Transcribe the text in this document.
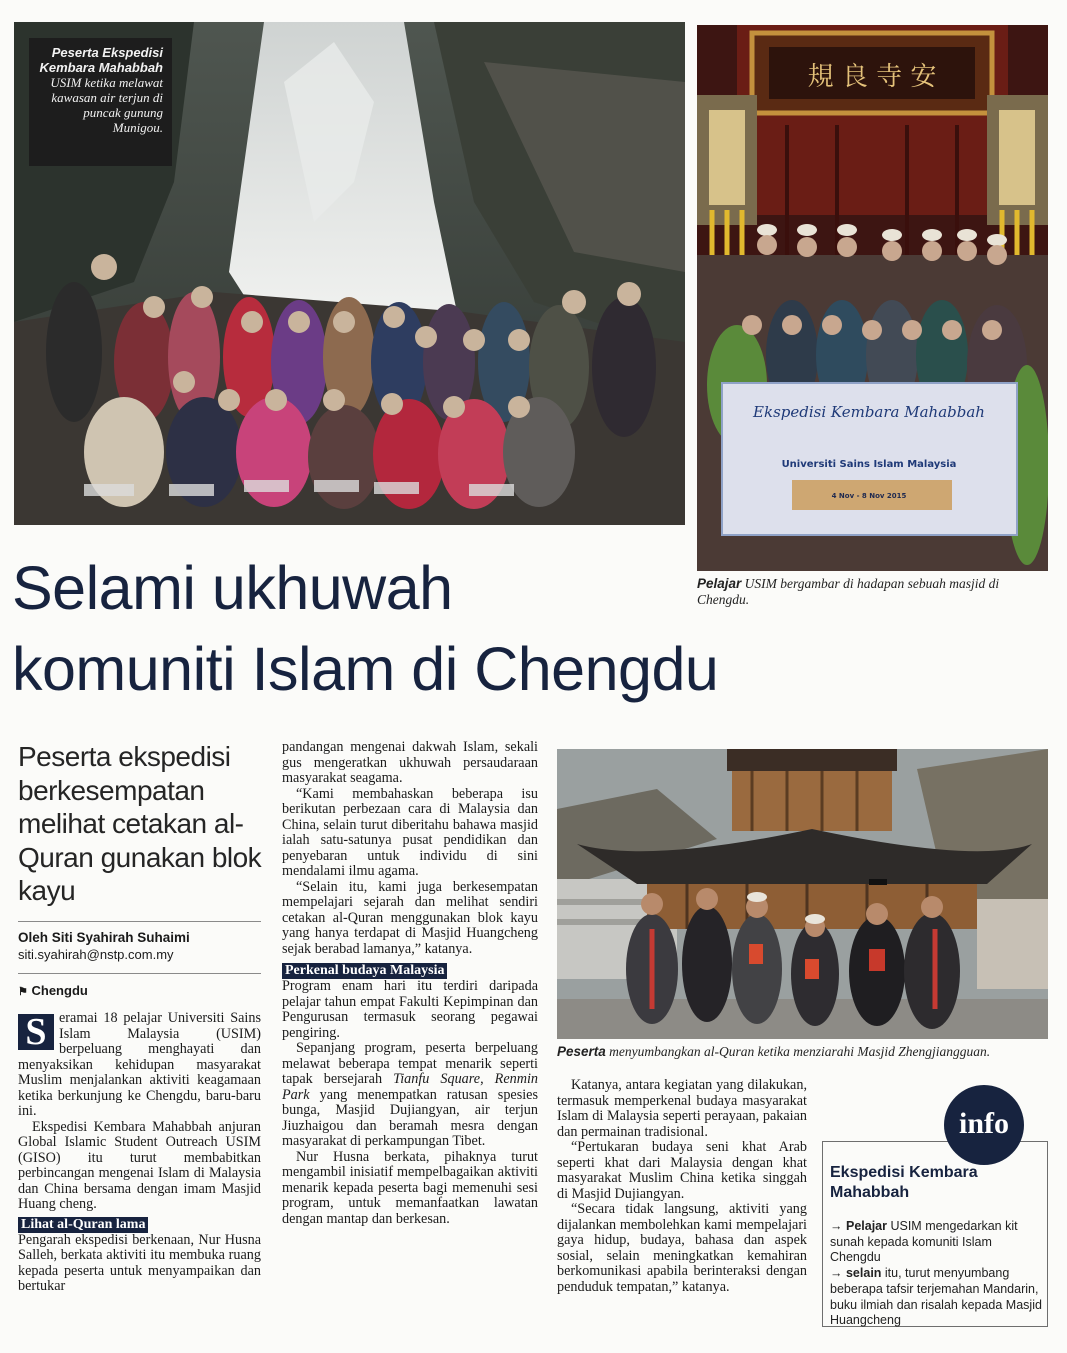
Peserta Ekspedisi Kembara Mahabbah USIM ketika melawat kawasan air terjun di puncak gunung Munigou.
規 良 寺 安
Ekspedisi Kembara Mahabbah
Universiti Sains Islam Malaysia
4 Nov - 8 Nov 2015
Pelajar USIM bergambar di hadapan sebuah masjid di Chengdu.
Selami ukhuwah
komuniti Islam di Chengdu
Peserta ekspedisi berkesempatan melihat cetakan al-Quran gunakan blok kayu
Oleh Siti Syahirah Suhaimi
siti.syahirah@nstp.com.my
⚑ Chengdu

S eramai 18 pelajar Universiti Sains Islam Malaysia (USIM) berpeluang menghayati dan menyaksikan kehidupan masyarakat Muslim menjalankan aktiviti keagamaan ketika berkunjung ke Chengdu, baru-baru ini.

Ekspedisi Kembara Mahabbah anjuran Global Islamic Student Outreach USIM (GISO) itu turut membabitkan perbincangan mengenai Islam di Malaysia dan China bersama dengan imam Masjid Huang cheng.

Lihat al-Quran lama

Pengarah ekspedisi berkenaan, Nur Husna Salleh, berkata aktiviti itu membuka ruang kepada peserta untuk menyampaikan dan bertukar

pandangan mengenai dakwah Islam, sekali gus mengeratkan ukhuwah persaudaraan masyarakat seagama.

“Kami membahaskan beberapa isu berikutan perbezaan cara di Malaysia dan China, selain turut diberitahu bahawa masjid ialah satu-satunya pusat pendidikan dan penyebaran untuk individu di sini mendalami ilmu agama.

“Selain itu, kami juga berkesempatan mempelajari sejarah dan melihat sendiri cetakan al-Quran menggunakan blok kayu yang hanya terdapat di Masjid Huangcheng sejak berabad lamanya,” katanya.

Perkenal budaya Malaysia

Program enam hari itu terdiri daripada pelajar tahun empat Fakulti Kepimpinan dan Pengurusan termasuk seorang pegawai pengiring.

Sepanjang program, peserta berpeluang melawat beberapa tempat menarik seperti tapak bersejarah Tianfu Square, Renmin Park yang menempatkan ratusan spesies bunga, Masjid Dujiangyan, air terjun Jiuzhaigou dan beramah mesra dengan masyarakat di perkampungan Tibet.

Nur Husna berkata, pihaknya turut mengambil inisiatif mempelbagaikan aktiviti menarik kepada peserta bagi memenuhi sesi program, untuk memanfaatkan lawatan dengan mantap dan berkesan.

Peserta menyumbangkan al-Quran ketika menziarahi Masjid Zhengjiangguan.

Katanya, antara kegiatan yang dilakukan, termasuk memperkenal budaya masyarakat Islam di Malaysia seperti perayaan, pakaian dan permainan tradisional.

“Pertukaran budaya seni khat Arab seperti khat dari Malaysia dengan khat masyarakat Muslim China ketika singgah di Masjid Dujiangyan.

“Secara tidak langsung, aktiviti yang dijalankan membolehkan kami mempelajari gaya hidup, budaya, bahasa dan aspek sosial, selain meningkatkan kemahiran berkomunikasi apabila berinteraksi dengan penduduk tempatan,” katanya.

info
Ekspedisi Kembara Mahabbah
→ Pelajar USIM mengedarkan kit sunah kepada komuniti Islam Chengdu
→ selain itu, turut menyumbang beberapa tafsir terjemahan Mandarin, buku ilmiah dan risalah kepada Masjid Huangcheng
